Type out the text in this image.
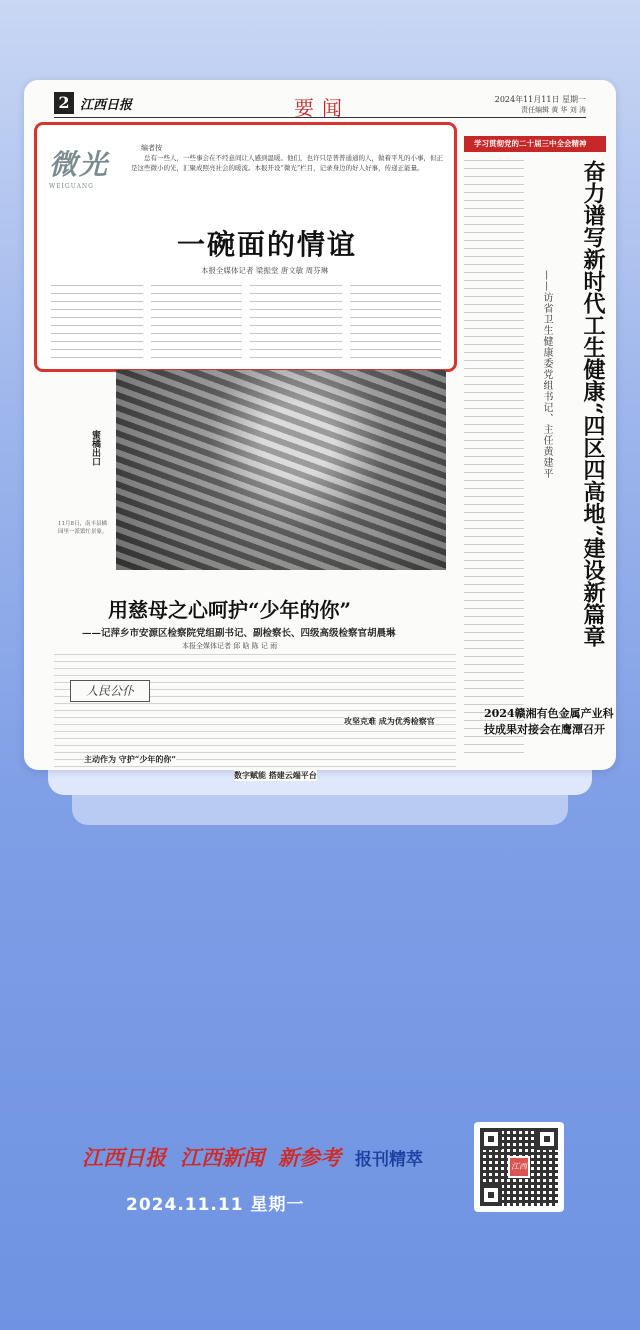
2 江西日报	要闻	2024年11月11日 星期一
责任编辑 黄 华 刘 涛
微光
WEIGUANG
编者按
总有一些人，一些事会在不经意间让人感到温暖。他们，也许只是普普通通的人，做着平凡的小事，但正是这些微小的光，汇聚成照亮社会的暖流。本报开设“微光”栏目，记录身边的好人好事，传递正能量。
一碗面的情谊
本报全媒体记者 梁振堂 唐文敏 周芬琳
学习贯彻党的二十届三中全会精神
奋力谱写新时代工生健康“四区四高地”建设新篇章
——访省卫生健康委党组书记、主任黄建平
蜜橘出口
11月8日，南丰县橘园里一派繁忙景象。
用慈母之心呵护“少年的你”
——记萍乡市安源区检察院党组副书记、副检察长、四级高级检察官胡晨琳
本报全媒体记者 邱 晗 陈 记 雨
人民公仆
主动作为 守护“少年的你”
数字赋能 搭建云端平台
攻坚克难 成为优秀检察官
2024赣湘有色金属产业科技成果对接会在鹰潭召开
江西日报 江西新闻 新参考 报刊精萃
2024.11.11 星期一
江西
